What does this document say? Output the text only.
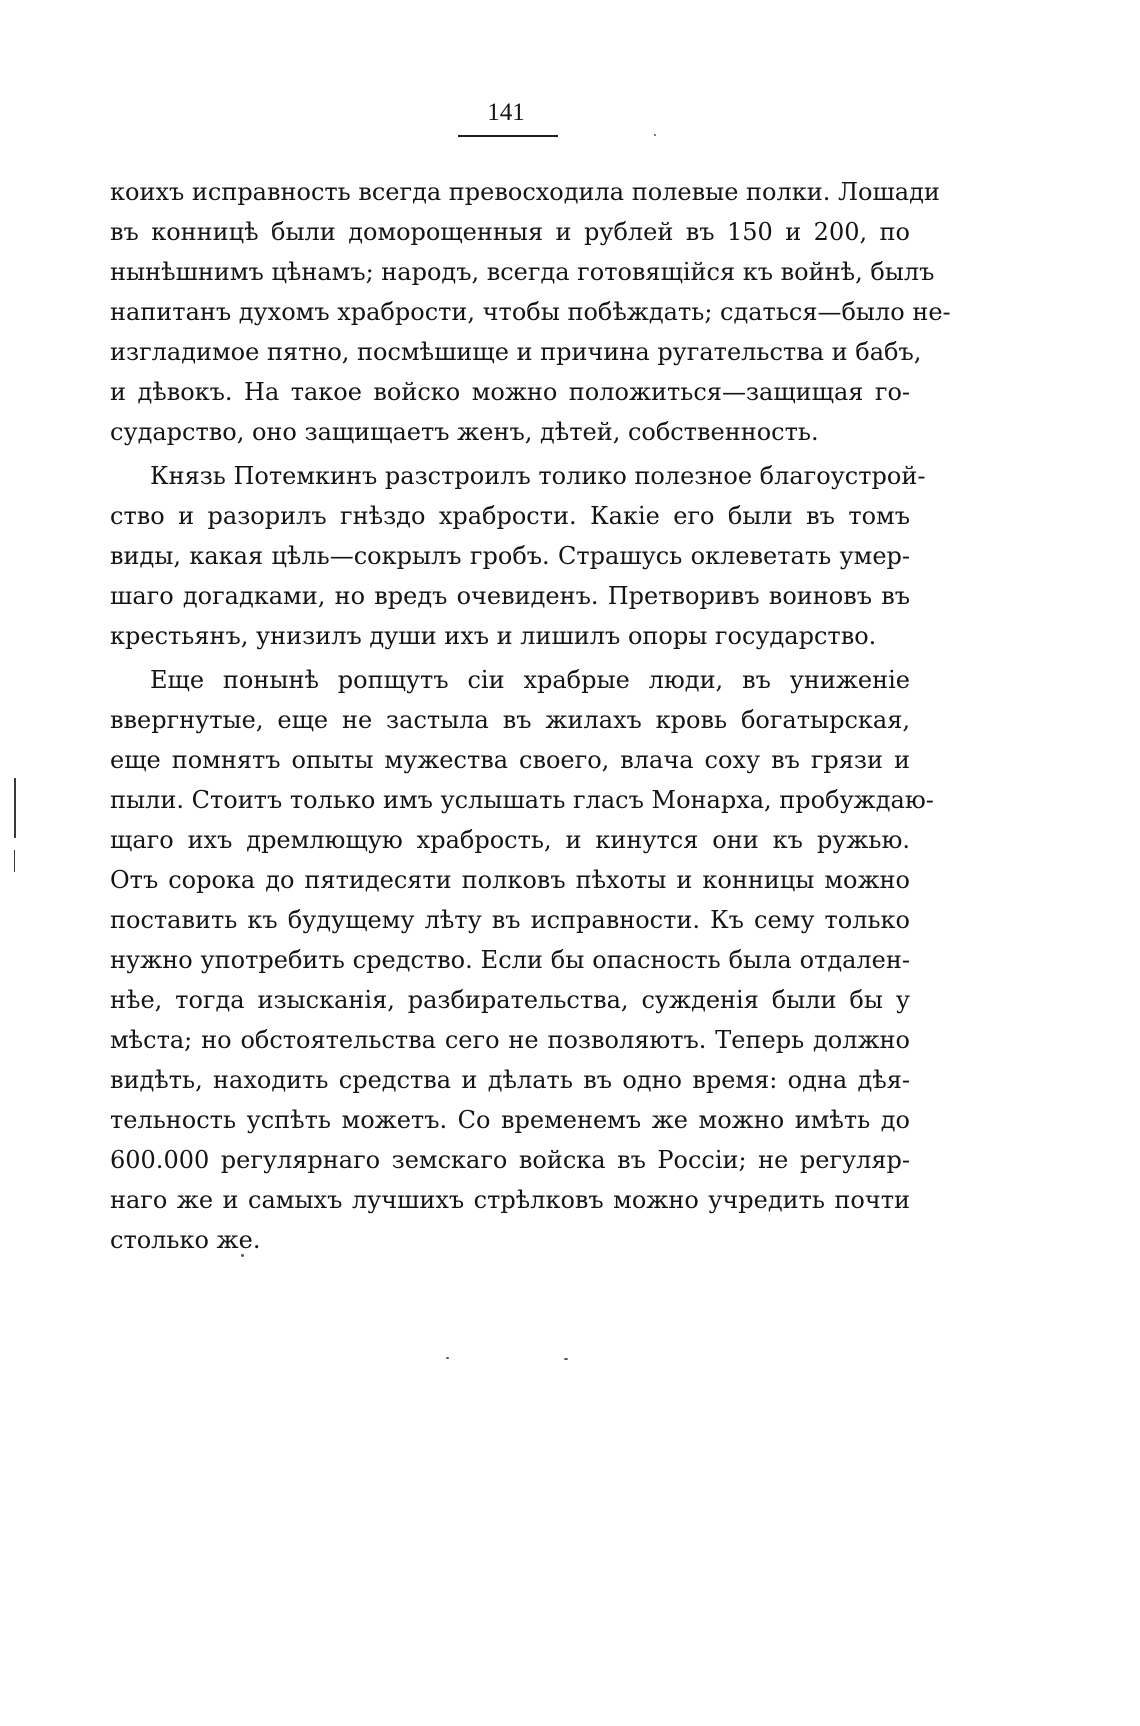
141
коихъ исправность всегда превосходила полевые полки. Лошади
въ конницѣ были доморощенныя и рублей въ 150 и 200, по
нынѣшнимъ цѣнамъ; народъ, всегда готовящійся къ войнѣ, былъ
напитанъ духомъ храбрости, чтобы побѣждать; сдаться—было не-
изгладимое пятно, посмѣшище и причина ругательства и бабъ,
и дѣвокъ. На такое войско можно положиться—защищая го-
сударство, оно защищаетъ женъ, дѣтей, собственность.
Князь Потемкинъ разстроилъ толико полезное благоустрой-
ство и разорилъ гнѣздо храбрости. Какіе его были въ томъ
виды, какая цѣль—сокрылъ гробъ. Страшусь оклеветать умер-
шаго догадками, но вредъ очевиденъ. Претворивъ воиновъ въ
крестьянъ, унизилъ души ихъ и лишилъ опоры государство.
Еще понынѣ ропщутъ сіи храбрые люди, въ униженіе
ввергнутые, еще не застыла въ жилахъ кровь богатырская,
еще помнятъ опыты мужества своего, влача соху въ грязи и
пыли. Стоитъ только имъ услышать гласъ Монарха, пробуждаю-
щаго ихъ дремлющую храбрость, и кинутся они къ ружью.
Отъ сорока до пятидесяти полковъ пѣхоты и конницы можно
поставить къ будущему лѣту въ исправности. Къ сему только
нужно употребить средство. Если бы опасность была отдален-
нѣе, тогда изысканія, разбирательства, сужденія были бы у
мѣста; но обстоятельства сего не позволяютъ. Теперь должно
видѣть, находить средства и дѣлать въ одно время: одна дѣя-
тельность успѣть можетъ. Со временемъ же можно имѣть до
600.000 регулярнаго земскаго войска въ Россіи; не регуляр-
наго же и самыхъ лучшихъ стрѣлковъ можно учредить почти
столько же.
